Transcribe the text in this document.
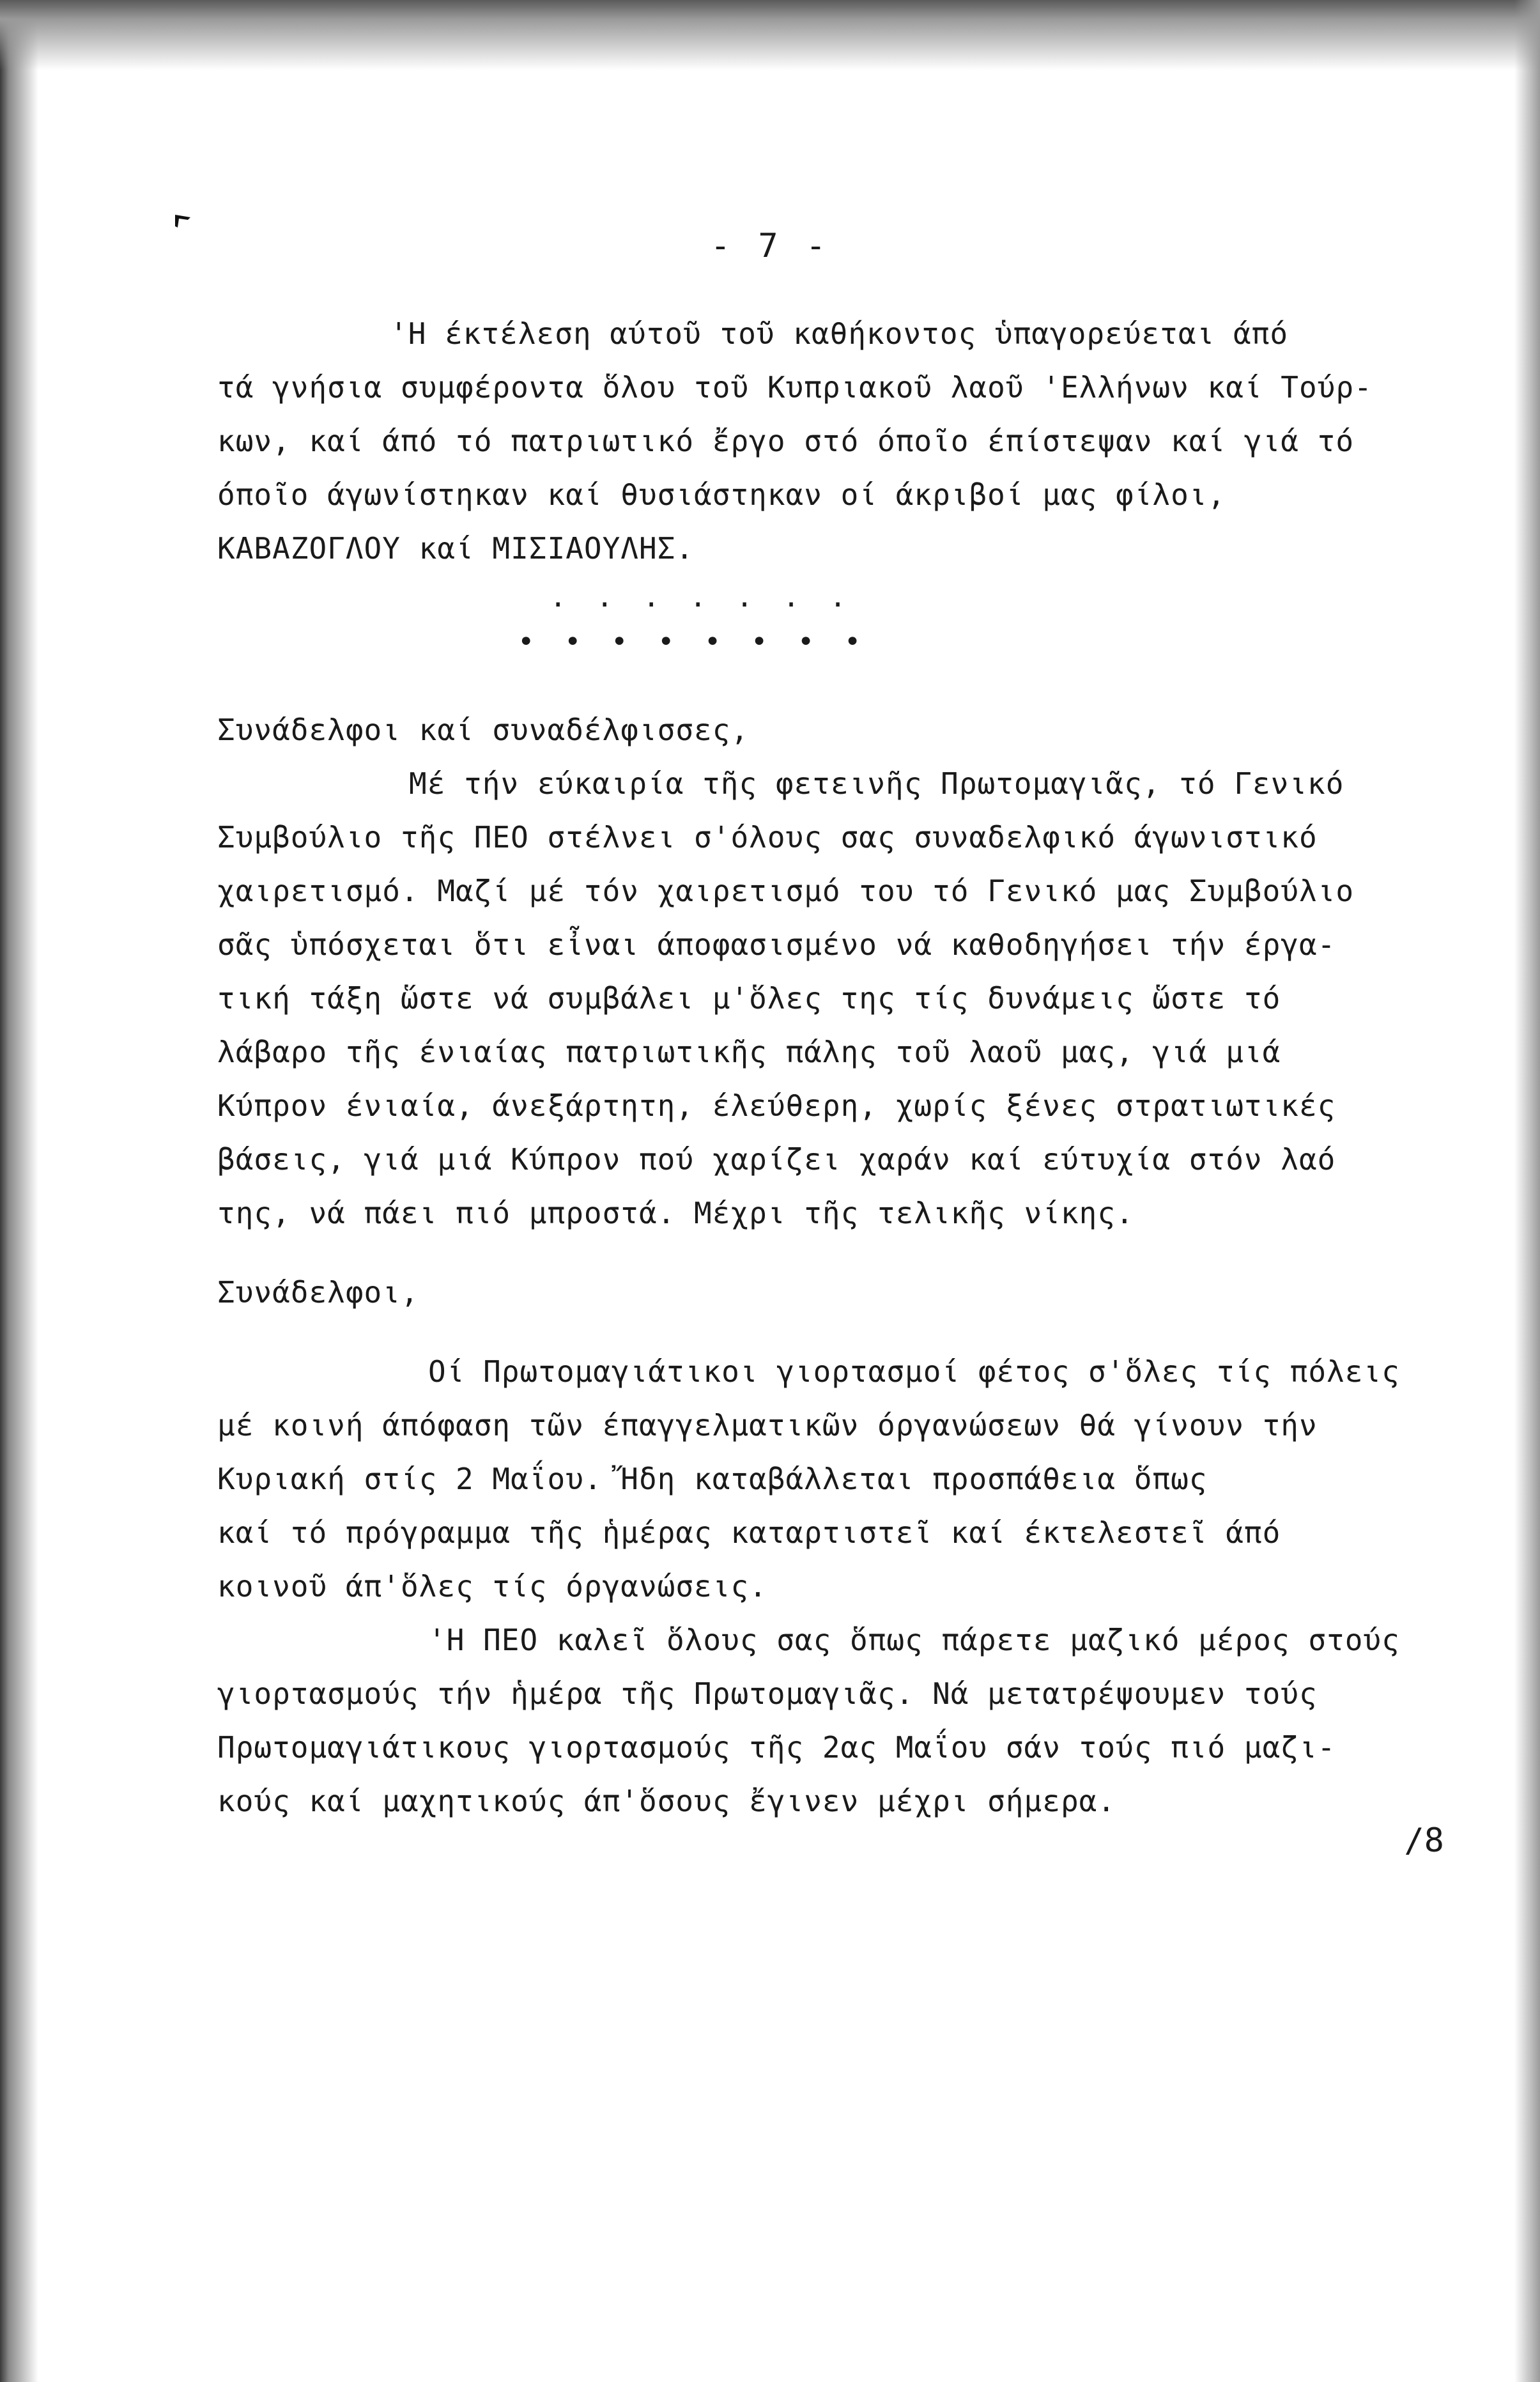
- 7 -
'Η έκτέλεση αύτοῦ τοῦ καθήκοντος ὑπαγορεύεται άπό
τά γνήσια συμφέροντα ὅλου τοῦ Κυπριακοῦ λαοῦ 'Ελλήνων καί Τούρ-
κων, καί άπό τό πατριωτικό ἔργο στό όποῖο έπίστεψαν καί γιά τό
όποῖο άγωνίστηκαν καί θυσιάστηκαν οί άκριβοί μας φίλοι,
ΚΑΒΑΖΟΓΛΟΥ καί ΜΙΣΙΑΟΥΛΗΣ.
. . . . . . .
• • • • • • • •
Συνάδελφοι καί συναδέλφισσες,
Μέ τήν εύκαιρία τῆς φετεινῆς Πρωτομαγιᾶς, τό Γενικό
Συμβούλιο τῆς ΠΕΟ στέλνει σ'όλους σας συναδελφικό άγωνιστικό
χαιρετισμό. Μαζί μέ τόν χαιρετισμό του τό Γενικό μας Συμβούλιο
σᾶς ὑπόσχεται ὅτι εἶναι άποφασισμένο νά καθοδηγήσει τήν έργα-
τική τάξη ὥστε νά συμβάλει μ'ὅλες της τίς δυνάμεις ὥστε τό
λάβαρο τῆς ένιαίας πατριωτικῆς πάλης τοῦ λαοῦ μας, γιά μιά
Κύπρον ένιαία, άνεξάρτητη, έλεύθερη, χωρίς ξένες στρατιωτικές
βάσεις, γιά μιά Κύπρον πού χαρίζει χαράν καί εύτυχία στόν λαό
της, νά πάει πιό μπροστά. Μέχρι τῆς τελικῆς νίκης.
Συνάδελφοι,
Οί Πρωτομαγιάτικοι γιορτασμοί φέτος σ'ὅλες τίς πόλεις
μέ κοινή άπόφαση τῶν έπαγγελματικῶν όργανώσεων θά γίνουν τήν
Κυριακή στίς 2 Μαΐου. Ἤδη καταβάλλεται προσπάθεια ὅπως
καί τό πρόγραμμα τῆς ἡμέρας καταρτιστεῖ καί έκτελεστεῖ άπό
κοινοῦ άπ'ὅλες τίς όργανώσεις.
'Η ΠΕΟ καλεῖ ὅλους σας ὅπως πάρετε μαζικό μέρος στούς
γιορτασμούς τήν ἡμέρα τῆς Πρωτομαγιᾶς. Νά μετατρέψουμεν τούς
Πρωτομαγιάτικους γιορτασμούς τῆς 2ας Μαΐου σάν τούς πιό μαζι-
κούς καί μαχητικούς άπ'ὅσους ἔγινεν μέχρι σήμερα.
/8
